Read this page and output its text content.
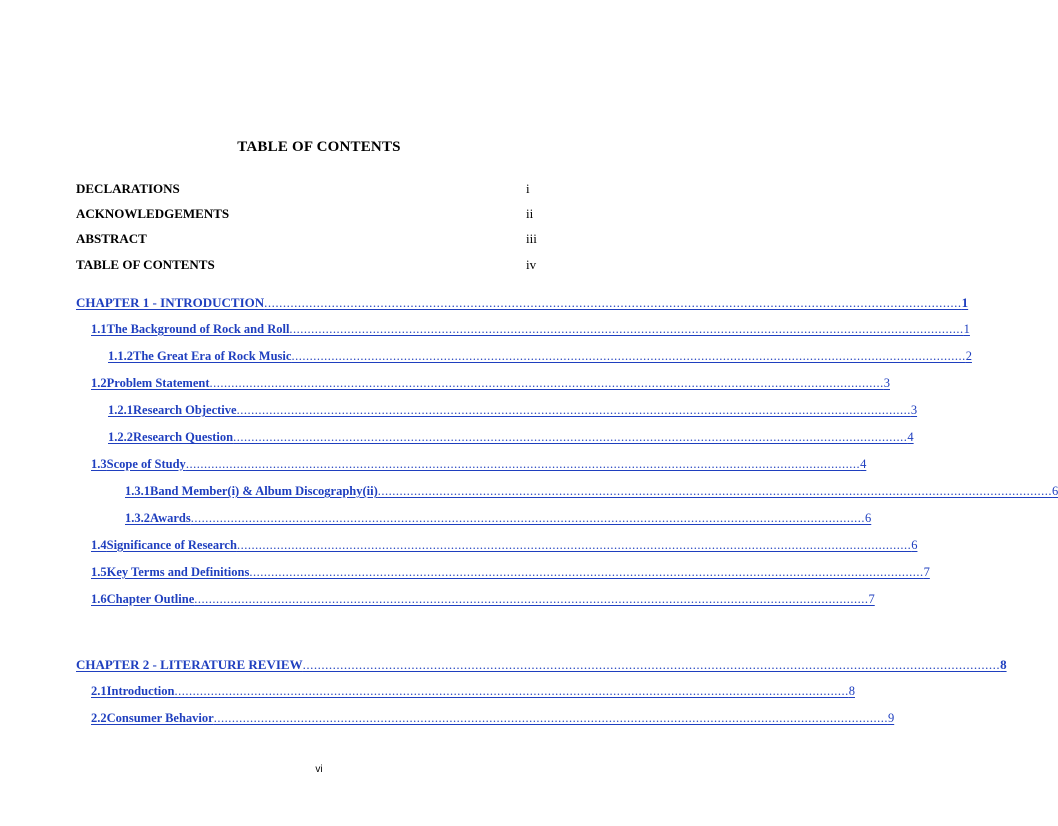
TABLE OF CONTENTS
DECLARATIONS	i
ACKNOWLEDGEMENTS	ii
ABSTRACT	iii
TABLE OF CONTENTS	iv
CHAPTER 1 - INTRODUCTION .......................................................................................................................................................................................... 1
1.1 The Background of Rock and Roll .......................................................................................................................................................................................... 1
1.1.2 The Great Era of Rock Music .......................................................................................................................................................................................... 2
1.2 Problem Statement .......................................................................................................................................................................................... 3
1.2.1 Research Objective .......................................................................................................................................................................................... 3
1.2.2 Research Question .......................................................................................................................................................................................... 4
1.3 Scope of Study .......................................................................................................................................................................................... 4
1.3.1 Band Member(i) & Album Discography(ii) .......................................................................................................................................................................................... 6
1.3.2 Awards .......................................................................................................................................................................................... 6
1.4 Significance of Research .......................................................................................................................................................................................... 6
1.5 Key Terms and Definitions .......................................................................................................................................................................................... 7
1.6 Chapter Outline .......................................................................................................................................................................................... 7
CHAPTER 2 - LITERATURE REVIEW .......................................................................................................................................................................................... 8
2.1 Introduction .......................................................................................................................................................................................... 8
2.2 Consumer Behavior .......................................................................................................................................................................................... 9
vi
